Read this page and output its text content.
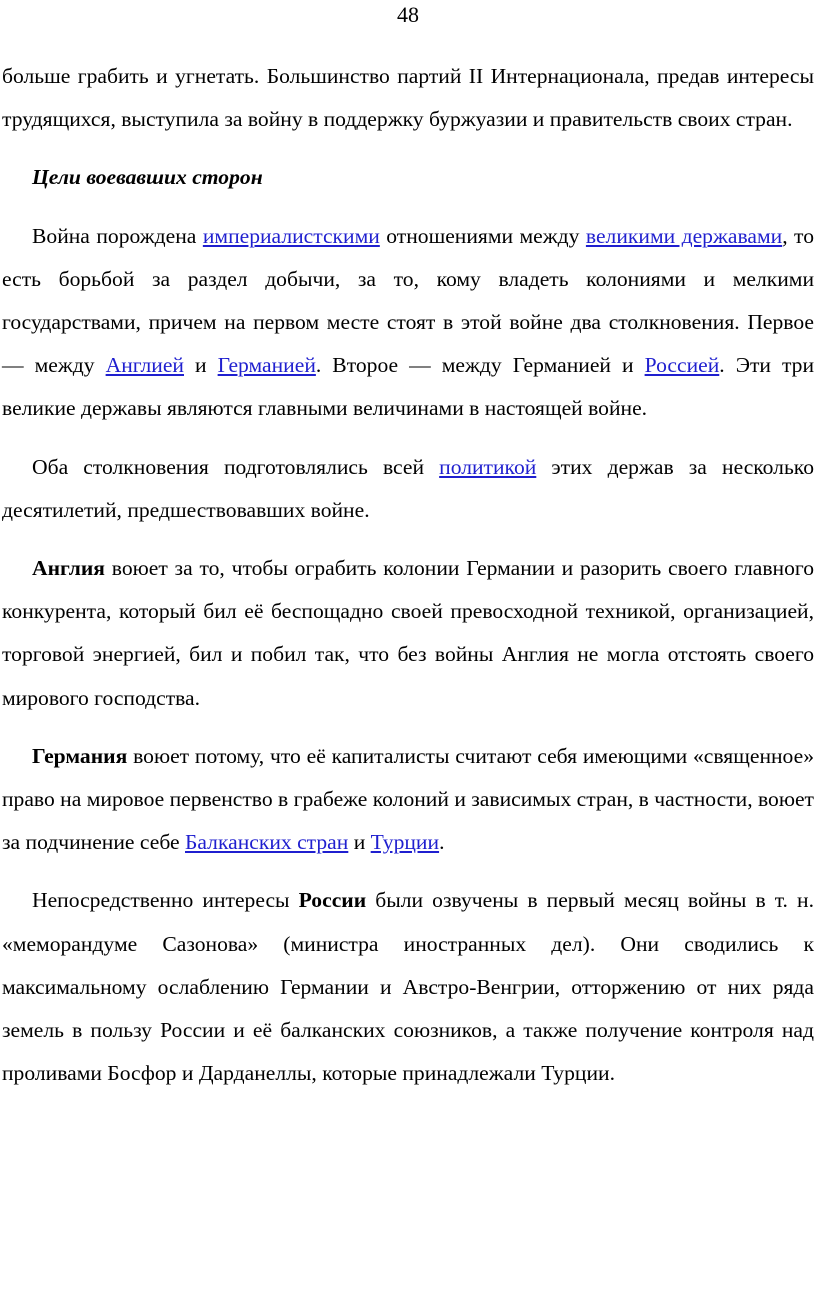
48

больше грабить и угнетать. Большинство партий II Интернационала, предав интересы трудящихся, выступила за войну в поддержку буржуазии и правительств своих стран.

Цели воевавших сторон

Война порождена империалистскими отношениями между великими державами, то есть борьбой за раздел добычи, за то, кому владеть колониями и мелкими государствами, причем на первом месте стоят в этой войне два столкновения. Первое — между Англией и Германией. Второе — между Германией и Россией. Эти три великие державы являются главными величинами в настоящей войне.

Оба столкновения подготовлялись всей политикой этих держав за несколько десятилетий, предшествовавших войне.

Англия воюет за то, чтобы ограбить колонии Германии и разорить своего главного конкурента, который бил её беспощадно своей превосходной техникой, организацией, торговой энергией, бил и побил так, что без войны Англия не могла отстоять своего мирового господства.

Германия воюет потому, что её капиталисты считают себя имеющими «священное» право на мировое первенство в грабеже колоний и зависимых стран, в частности, воюет за подчинение себе Балканских стран и Турции.

Непосредственно интересы России были озвучены в первый месяц войны в т. н. «меморандуме Сазонова» (министра иностранных дел). Они сводились к максимальному ослаблению Германии и Австро-Венгрии, отторжению от них ряда земель в пользу России и её балканских союзников, а также получение контроля над проливами Босфор и Дарданеллы, которые принадлежали Турции.
